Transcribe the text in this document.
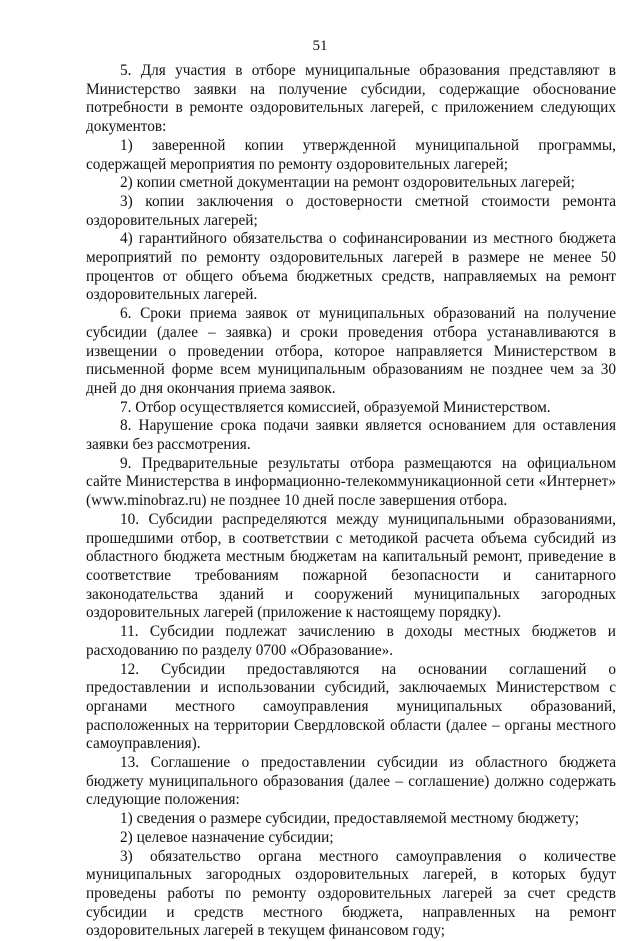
51

5. Для участия в отборе муниципальные образования представляют в Министерство заявки на получение субсидии, содержащие обоснование потребности в ремонте оздоровительных лагерей, с приложением следующих документов:

1) заверенной копии утвержденной муниципальной программы, содержащей мероприятия по ремонту оздоровительных лагерей;

2) копии сметной документации на ремонт оздоровительных лагерей;

3) копии заключения о достоверности сметной стоимости ремонта оздоровительных лагерей;

4) гарантийного обязательства о софинансировании из местного бюджета мероприятий по ремонту оздоровительных лагерей в размере не менее 50 процентов от общего объема бюджетных средств, направляемых на ремонт оздоровительных лагерей.

6. Сроки приема заявок от муниципальных образований на получение субсидии (далее – заявка) и сроки проведения отбора устанавливаются в извещении о проведении отбора, которое направляется Министерством в письменной форме всем муниципальным образованиям не позднее чем за 30 дней до дня окончания приема заявок.

7. Отбор осуществляется комиссией, образуемой Министерством.

8. Нарушение срока подачи заявки является основанием для оставления заявки без рассмотрения.

9. Предварительные результаты отбора размещаются на официальном сайте Министерства в информационно-телекоммуникационной сети «Интернет» (www.minobraz.ru) не позднее 10 дней после завершения отбора.

10. Субсидии распределяются между муниципальными образованиями, прошедшими отбор, в соответствии с методикой расчета объема субсидий из областного бюджета местным бюджетам на капитальный ремонт, приведение в соответствие требованиям пожарной безопасности и санитарного законодательства зданий и сооружений муниципальных загородных оздоровительных лагерей (приложение к настоящему порядку).

11. Субсидии подлежат зачислению в доходы местных бюджетов и расходованию по разделу 0700 «Образование».

12. Субсидии предоставляются на основании соглашений о предоставлении и использовании субсидий, заключаемых Министерством с органами местного самоуправления муниципальных образований, расположенных на территории Свердловской области (далее – органы местного самоуправления).

13. Соглашение о предоставлении субсидии из областного бюджета бюджету муниципального образования (далее – соглашение) должно содержать следующие положения:

1) сведения о размере субсидии, предоставляемой местному бюджету;

2) целевое назначение субсидии;

3) обязательство органа местного самоуправления о количестве муниципальных загородных оздоровительных лагерей, в которых будут проведены работы по ремонту оздоровительных лагерей за счет средств субсидии и средств местного бюджета, направленных на ремонт оздоровительных лагерей в текущем финансовом году;
